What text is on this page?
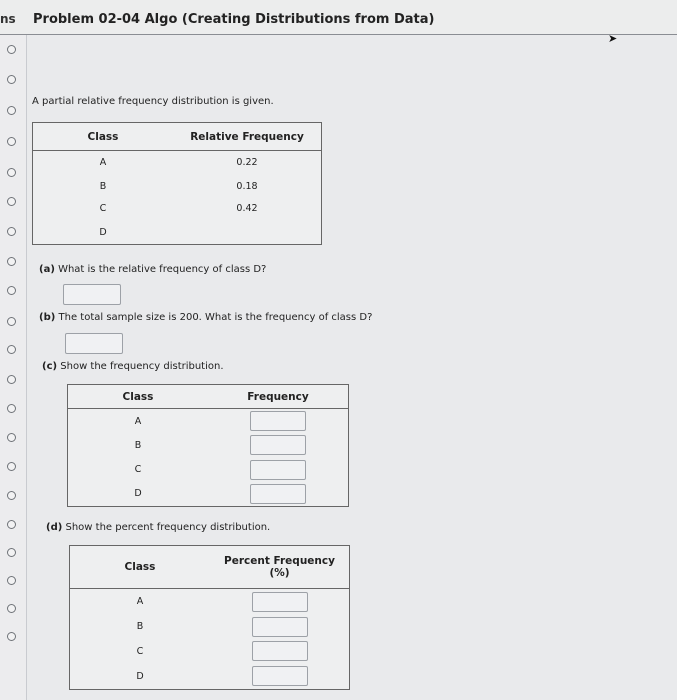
ns Problem 02-04 Algo (Creating Distributions from Data)
➤
A partial relative frequency distribution is given.
Class	Relative Frequency
A	0.22
B	0.18
C	0.42
D	
(a) What is the relative frequency of class D?
(b) The total sample size is 200. What is the frequency of class D?
(c) Show the frequency distribution.
Class	Frequency
A	
B	
C	
D	
(d) Show the percent frequency distribution.
Class	Percent Frequency
(%)
A	
B	
C	
D	
